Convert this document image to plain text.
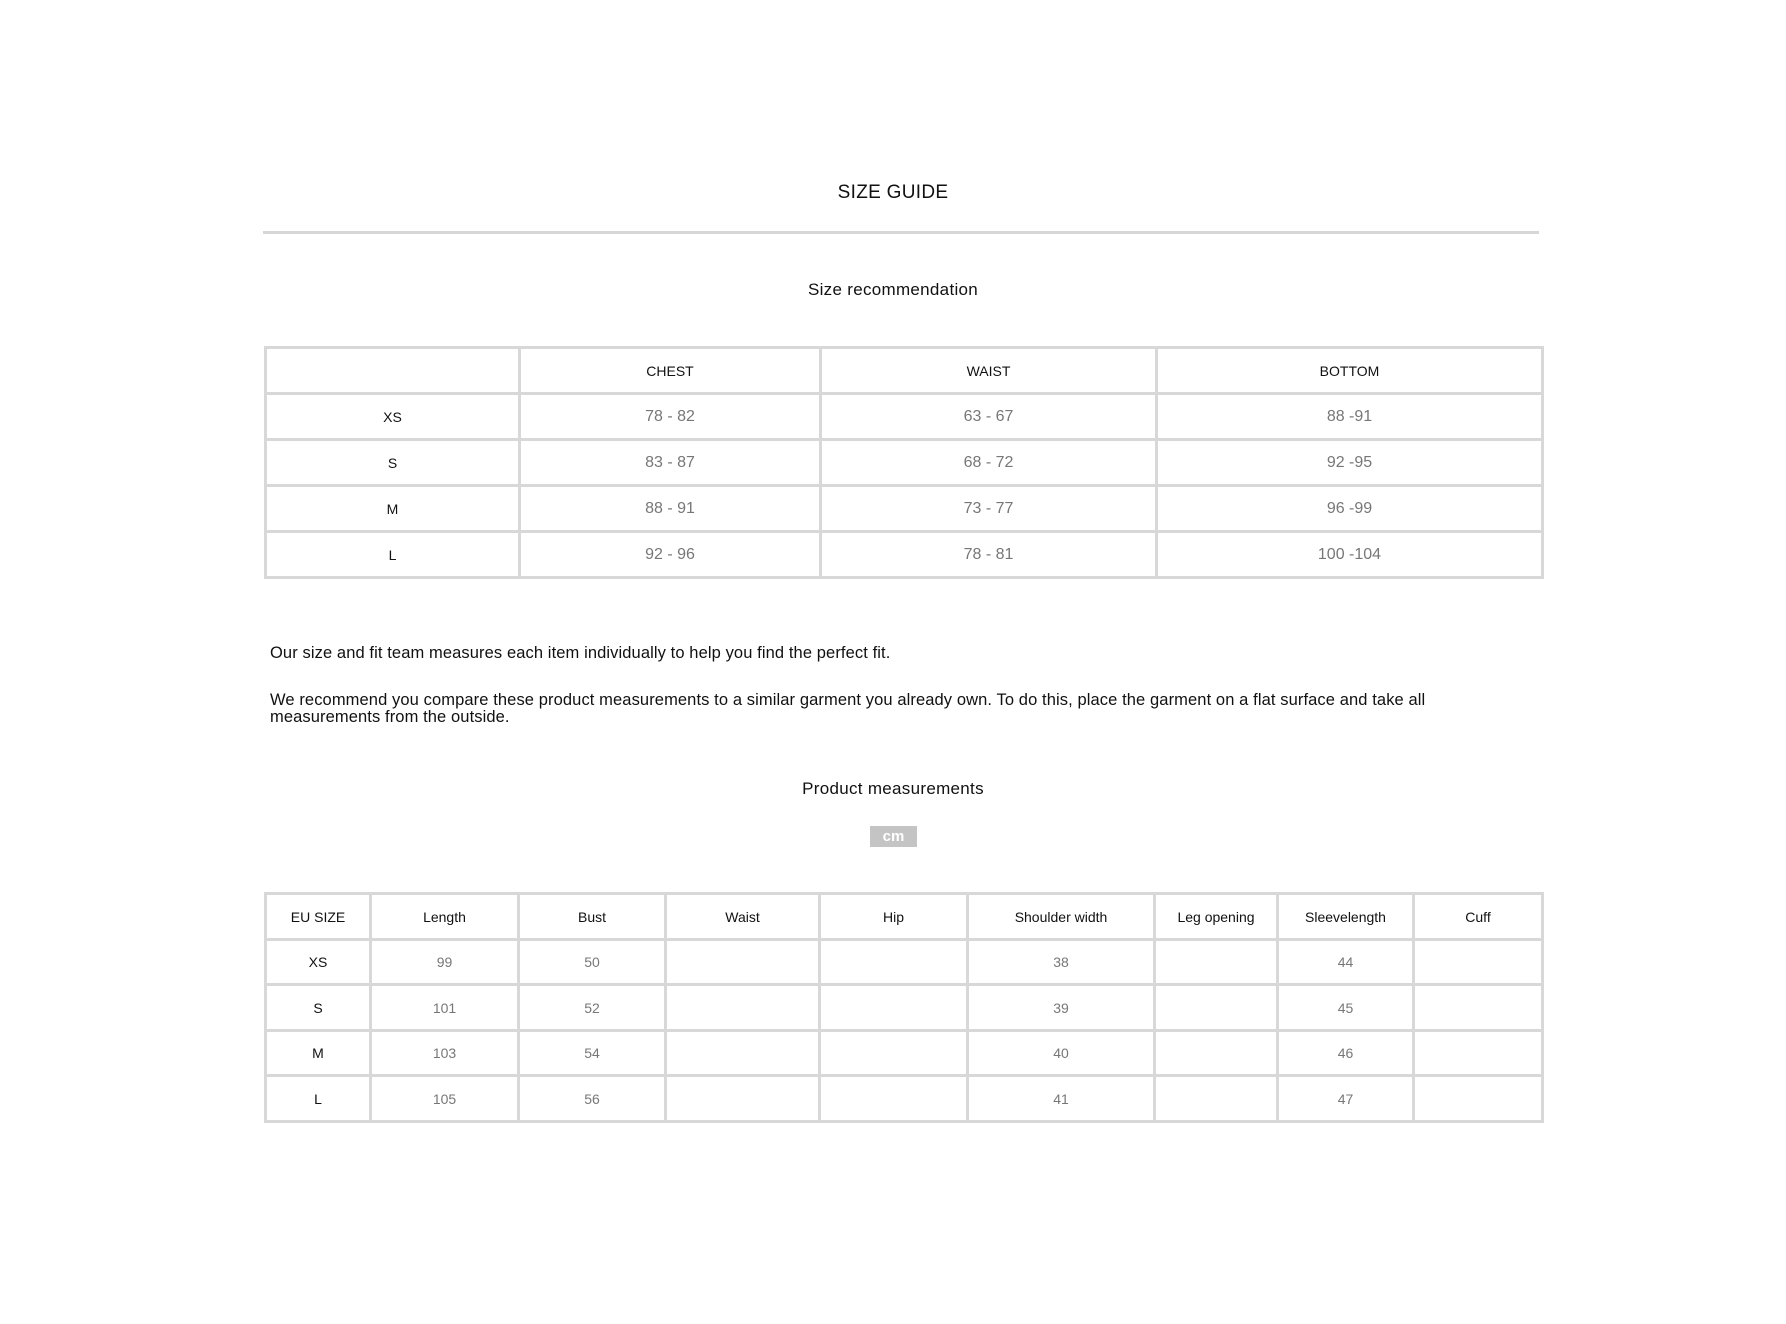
SIZE GUIDE
Size recommendation
	CHEST	WAIST	BOTTOM
XS	78 - 82	63 - 67	88 -91
S	83 - 87	68 - 72	92 -95
M	88 - 91	73 - 77	96 -99
L	92 - 96	78 - 81	100 -104
Our size and fit team measures each item individually to help you find the perfect fit.
We recommend you compare these product measurements to a similar garment you already own. To do this, place the garment on a flat surface and take all measurements from the outside.
Product measurements
cm
EU SIZE	Length	Bust	Waist	Hip	Shoulder width	Leg opening	Sleevelength	Cuff
XS	99	50			38		44	
S	101	52			39		45	
M	103	54			40		46	
L	105	56			41		47	
